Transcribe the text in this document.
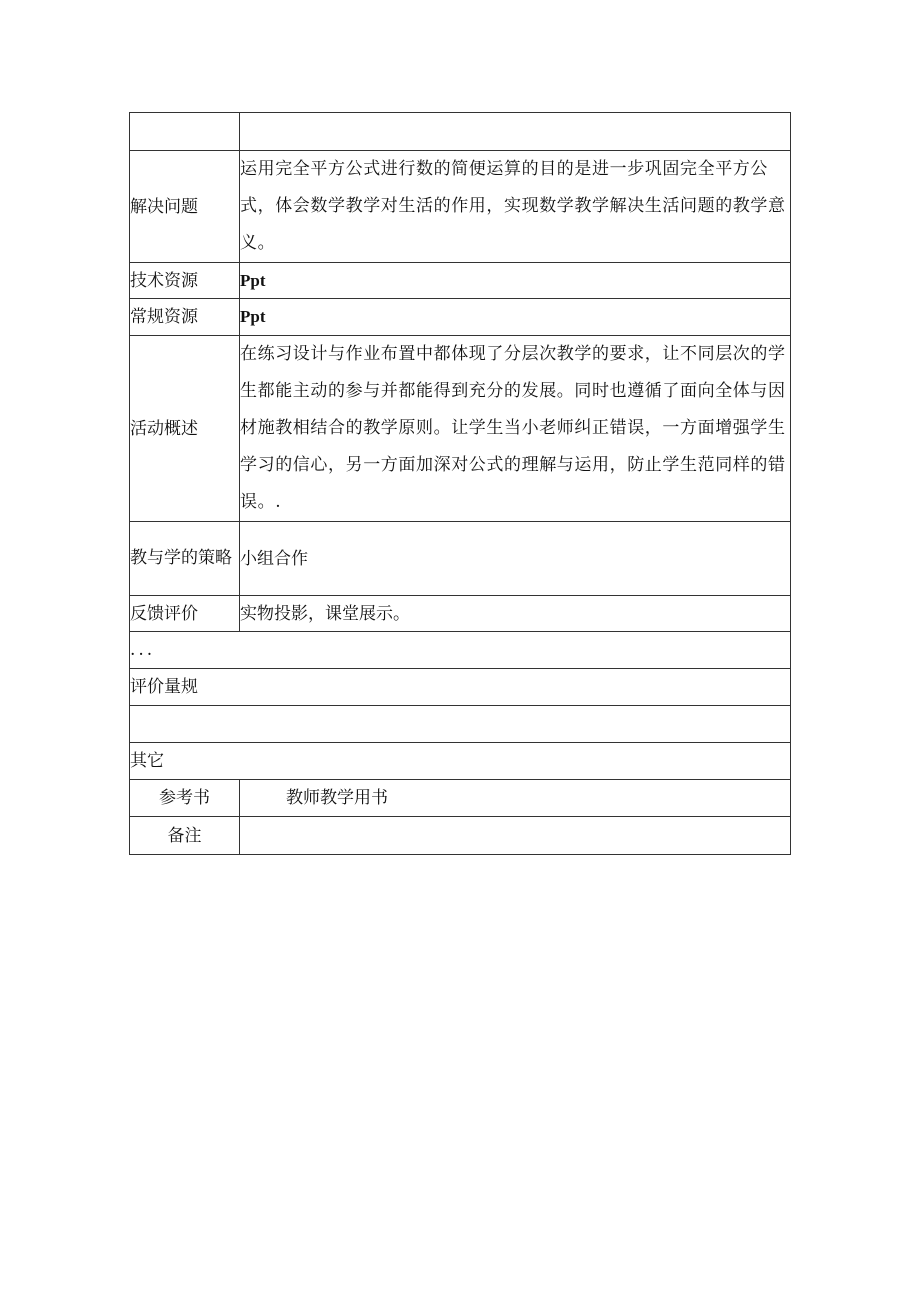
解决问题	运用完全平方公式进行数的简便运算的目的是进一步巩固完全平方公式，体会数学教学对生活的作用，实现数学教学解决生活问题的教学意义。
技术资源	Ppt
常规资源	Ppt
活动概述	在练习设计与作业布置中都体现了分层次教学的要求，让不同层次的学生都能主动的参与并都能得到充分的发展。同时也遵循了面向全体与因材施教相结合的教学原则。让学生当小老师纠正错误，一方面增强学生学习的信心，另一方面加深对公式的理解与运用，防止学生范同样的错误。.
教与学的策略	小组合作
反馈评价	实物投影，课堂展示。
...	
评价量规	

其它	
参考书	教师教学用书
备注	
